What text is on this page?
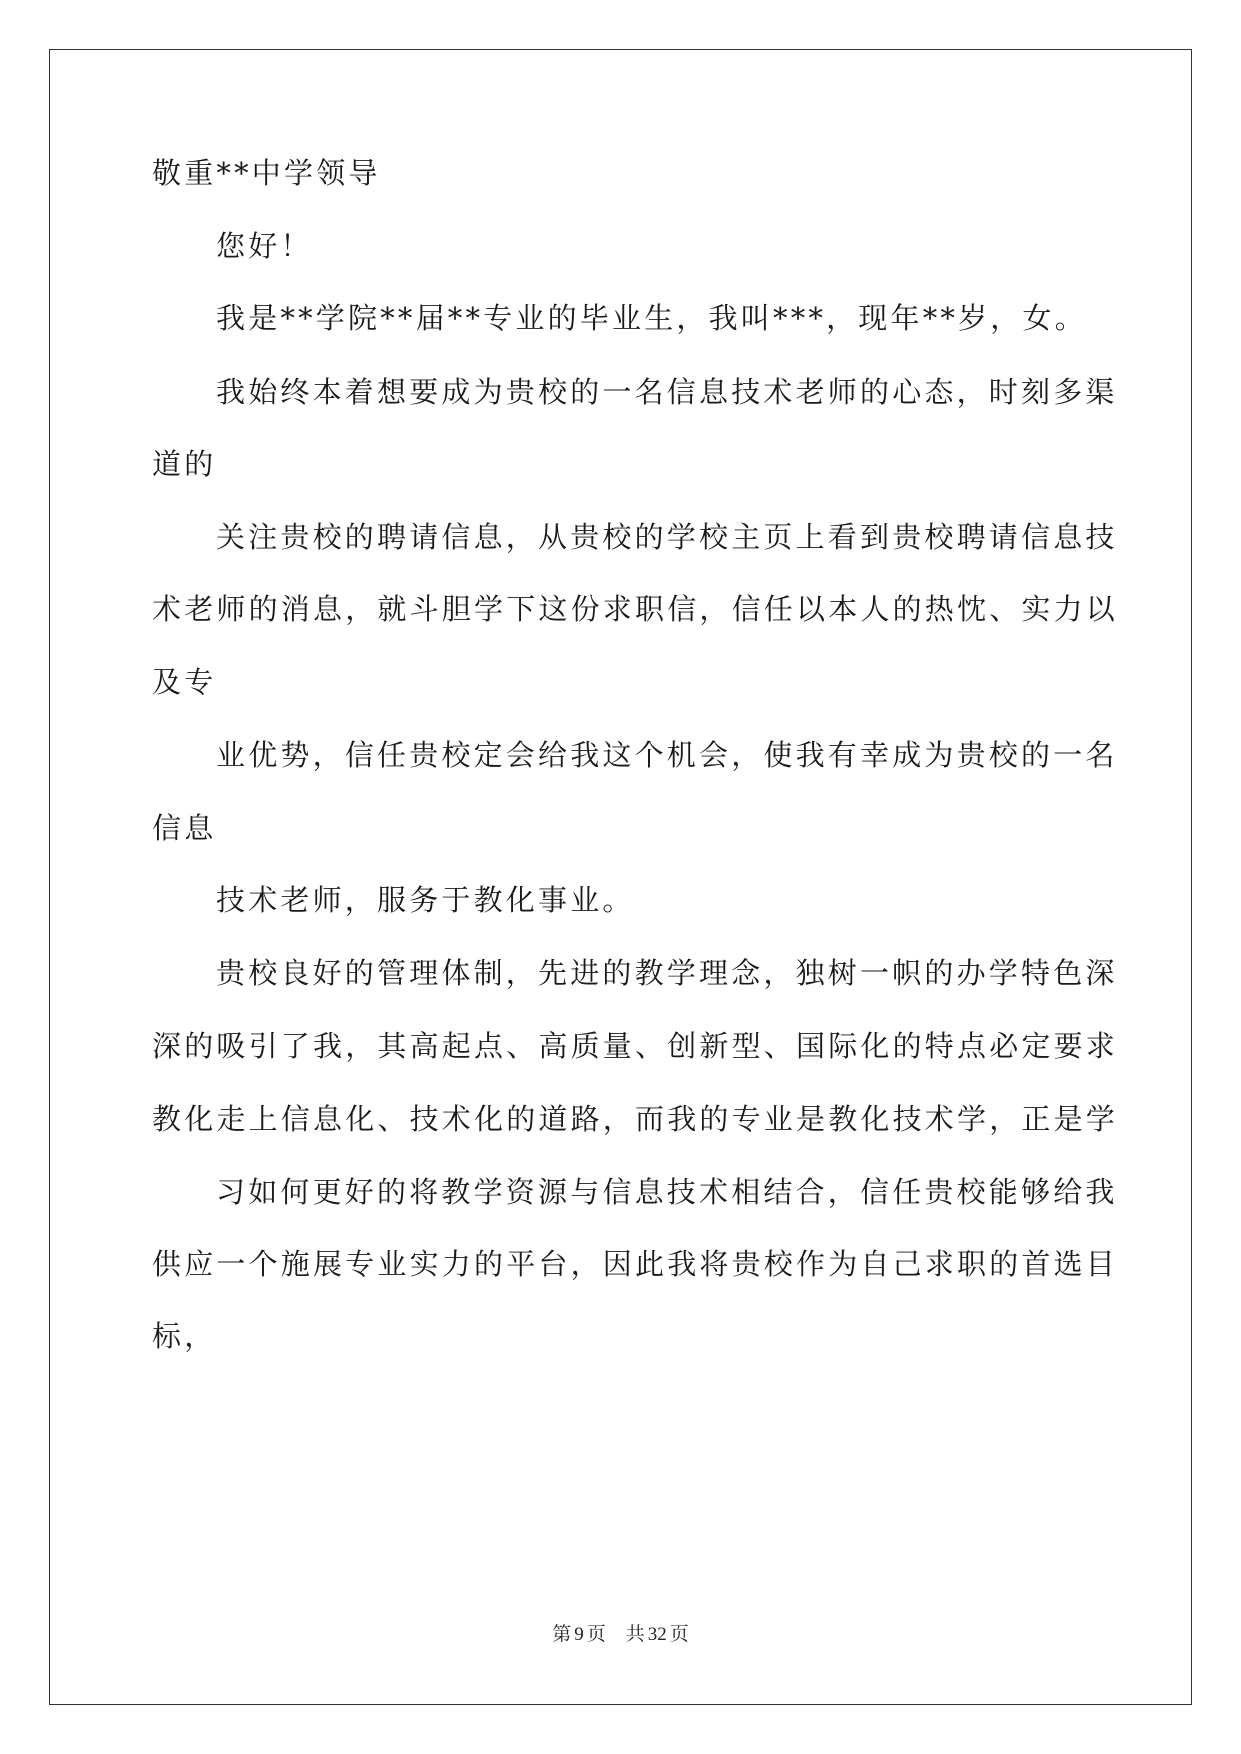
敬重**中学领导
您好！
我是**学院**届**专业的毕业生，我叫***，现年**岁，女。
我始终本着想要成为贵校的一名信息技术老师的心态，时刻多渠
道的
关注贵校的聘请信息，从贵校的学校主页上看到贵校聘请信息技
术老师的消息，就斗胆学下这份求职信，信任以本人的热忱、实力以
及专
业优势，信任贵校定会给我这个机会，使我有幸成为贵校的一名
信息
技术老师，服务于教化事业。
贵校良好的管理体制，先进的教学理念，独树一帜的办学特色深
深的吸引了我，其高起点、高质量、创新型、国际化的特点必定要求
教化走上信息化、技术化的道路，而我的专业是教化技术学，正是学
习如何更好的将教学资源与信息技术相结合，信任贵校能够给我
供应一个施展专业实力的平台，因此我将贵校作为自己求职的首选目
标，
第 9 页 共 32 页
